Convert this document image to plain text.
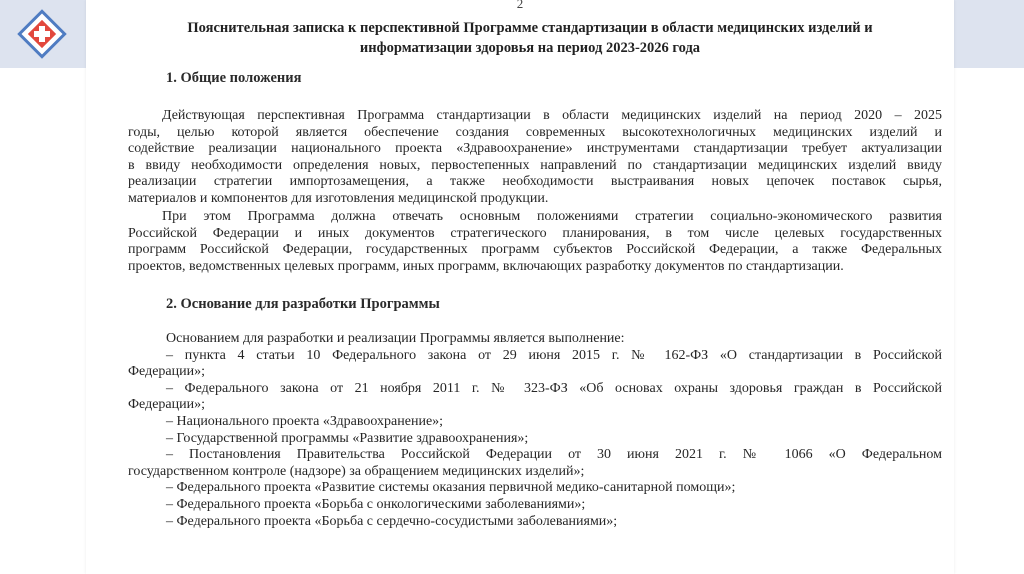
2
Пояснительная записка к перспективной Программе стандартизации в области медицинских изделий и
информатизации здоровья на период 2023-2026 года
1. Общие положения
Действующая перспективная Программа стандартизации в области медицинских изделий на период 2020 – 2025
годы, целью которой является обеспечение создания современных высокотехнологичных медицинских изделий и
содействие реализации национального проекта «Здравоохранение» инструментами стандартизации требует актуализации
в ввиду необходимости определения новых, первостепенных направлений по стандартизации медицинских изделий ввиду
реализации стратегии импортозамещения, а также необходимости выстраивания новых цепочек поставок сырья,
материалов и компонентов для изготовления медицинской продукции.
При этом Программа должна отвечать основным положениями стратегии социально-экономического развития
Российской Федерации и иных документов стратегического планирования, в том числе целевых государственных
программ Российской Федерации, государственных программ субъектов Российской Федерации, а также Федеральных
проектов, ведомственных целевых программ, иных программ, включающих разработку документов по стандартизации.
2. Основание для разработки Программы
Основанием для разработки и реализации Программы является выполнение:
– пункта 4 статьи 10 Федерального закона от 29 июня 2015 г. № 162-ФЗ «О стандартизации в Российской
Федерации»;
– Федерального закона от 21 ноября 2011 г. № 323-ФЗ «Об основах охраны здоровья граждан в Российской
Федерации»;
– Национального проекта «Здравоохранение»;
– Государственной программы «Развитие здравоохранения»;
– Постановления Правительства Российской Федерации от 30 июня 2021 г. № 1066 «О Федеральном
государственном контроле (надзоре) за обращением медицинских изделий»;
– Федерального проекта «Развитие системы оказания первичной медико-санитарной помощи»;
– Федерального проекта «Борьба с онкологическими заболеваниями»;
– Федерального проекта «Борьба с сердечно-сосудистыми заболеваниями»;
